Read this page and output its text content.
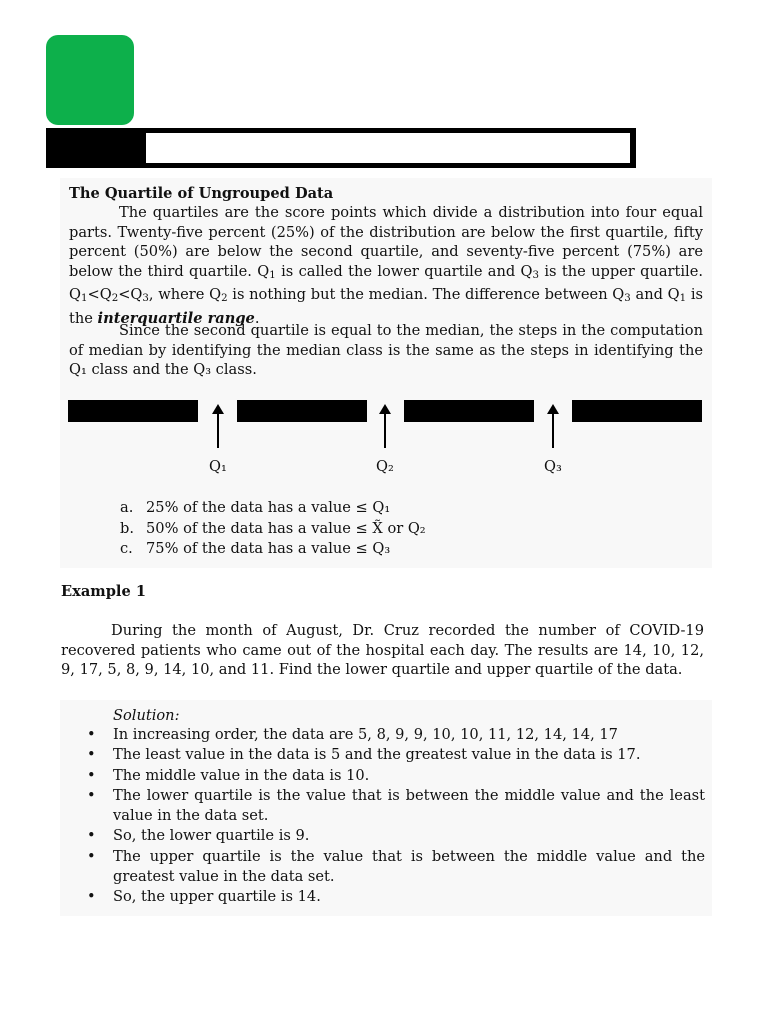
The Quartile of Ungrouped Data

The quartiles are the score points which divide a distribution into four equal parts. Twenty-five percent (25%) of the distribution are below the first quartile, fifty percent (50%) are below the second quartile, and seventy-five percent (75%) are below the third quartile. $Q_1$ is called the lower quartile and $Q_3$ is the upper quartile. $Q_1<Q_2<Q_3$, where $Q_2$ is nothing but the median. The difference between $Q_3$ and $Q_1$ is the interquartile range.

Since the second quartile is equal to the median, the steps in the computation of median by identifying the median class is the same as the steps in identifying the Q₁ class and the Q₃ class.

Q₁	Q₂	Q₃
a. 25% of the data has a value ≤ Q₁
b. 50% of the data has a value ≤ X̃ or Q₂
c. 75% of the data has a value ≤ Q₃
Example 1

During the month of August, Dr. Cruz recorded the number of COVID-19 recovered patients who came out of the hospital each day. The results are 14, 10, 12, 9, 17, 5, 8, 9, 14, 10, and 11. Find the lower quartile and upper quartile of the data.

Solution:
• In increasing order, the data are 5, 8, 9, 9, 10, 10, 11, 12, 14, 14, 17
• The least value in the data is 5 and the greatest value in the data is 17.
• The middle value in the data is 10.
• The lower quartile is the value that is between the middle value and the least value in the data set.
• So, the lower quartile is 9.
• The upper quartile is the value that is between the middle value and the greatest value in the data set.
• So, the upper quartile is 14.
